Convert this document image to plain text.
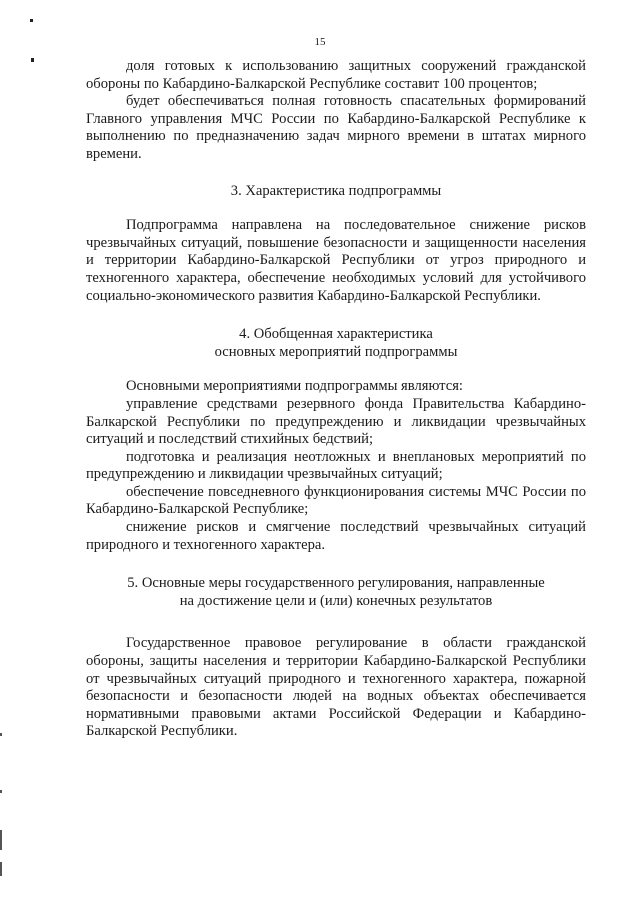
15

доля готовых к использованию защитных сооружений гражданской обороны по Кабардино-Балкарской Республике составит 100 процентов;

будет обеспечиваться полная готовность спасательных формирований Главного управления МЧС России по Кабардино-Балкарской Республике к выполнению по предназначению задач мирного времени в штатах мирного времени.

3. Характеристика подпрограммы

Подпрограмма направлена на последовательное снижение рисков чрезвычайных ситуаций, повышение безопасности и защищенности населения и территории Кабардино-Балкарской Республики от угроз природного и техногенного характера, обеспечение необходимых условий для устойчивого социально-экономического развития Кабардино-Балкарской Республики.

4. Обобщенная характеристика
основных мероприятий подпрограммы

Основными мероприятиями подпрограммы являются:

управление средствами резервного фонда Правительства Кабардино-Балкарской Республики по предупреждению и ликвидации чрезвычайных ситуаций и последствий стихийных бедствий;

подготовка и реализация неотложных и внеплановых мероприятий по предупреждению и ликвидации чрезвычайных ситуаций;

обеспечение повседневного функционирования системы МЧС России по Кабардино-Балкарской Республике;

снижение рисков и смягчение последствий чрезвычайных ситуаций природного и техногенного характера.

5. Основные меры государственного регулирования, направленные
на достижение цели и (или) конечных результатов

Государственное правовое регулирование в области гражданской обороны, защиты населения и территории Кабардино-Балкарской Республики от чрезвычайных ситуаций природного и техногенного характера, пожарной безопасности и безопасности людей на водных объектах обеспечивается нормативными правовыми актами Российской Федерации и Кабардино-Балкарской Республики.
